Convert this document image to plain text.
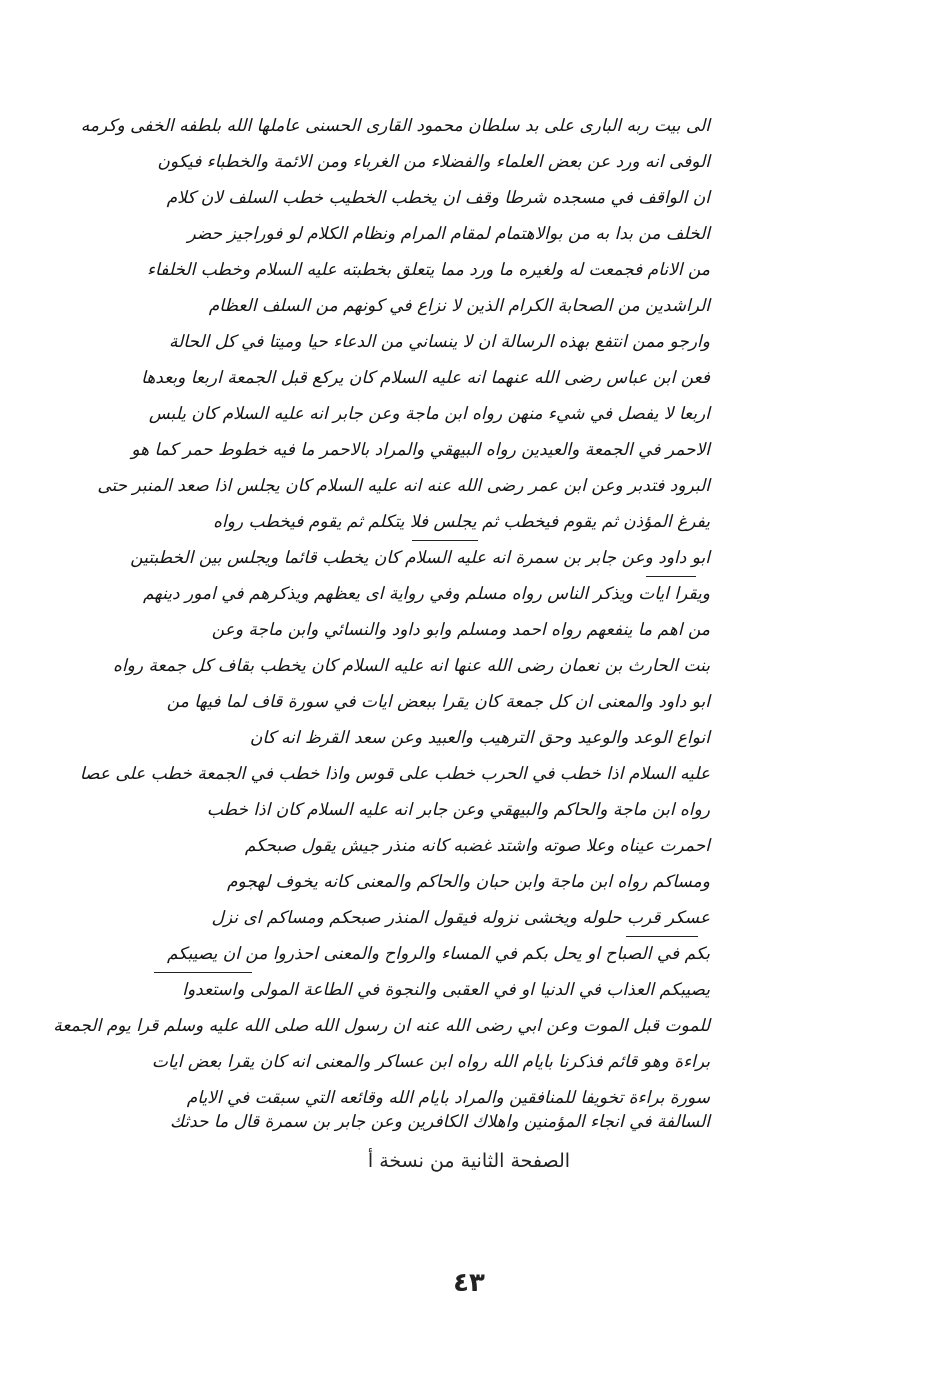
الى بيت ربه البارى على بد سلطان محمود القارى الحسنى عاملها الله بلطفه الخفى وكرمه
الوفى انه ورد عن بعض العلماء والفضلاء من الغرباء ومن الائمة والخطباء فيكون
ان الواقف في مسجده شرطا وقف ان يخطب الخطيب خطب السلف لان كلام
الخلف من بدا به من بوالاهتمام لمقام المرام ونظام الكلام لو فوراجيز حضر
من الانام فجمعت له ولغيره ما ورد مما يتعلق بخطبته عليه السلام وخطب الخلفاء
الراشدين من الصحابة الكرام الذين لا نزاع في كونهم من السلف العظام
وارجو ممن انتفع بهذه الرسالة ان لا ينساني من الدعاء حيا وميتا في كل الحالة
فعن ابن عباس رضى الله عنهما انه عليه السلام كان يركع قبل الجمعة اربعا وبعدها
اربعا لا يفصل في شيء منهن رواه ابن ماجة وعن جابر انه عليه السلام كان يلبس
الاحمر في الجمعة والعيدين رواه البيهقي والمراد بالاحمر ما فيه خطوط حمر كما هو
البرود فتدبر وعن ابن عمر رضى الله عنه انه عليه السلام كان يجلس اذا صعد المنبر حتى
يفرغ المؤذن ثم يقوم فيخطب ثم يجلس فلا يتكلم ثم يقوم فيخطب رواه
ابو داود وعن جابر بن سمرة انه عليه السلام كان يخطب قائما ويجلس بين الخطبتين
ويقرا ايات ويذكر الناس رواه مسلم وفي رواية اى يعظهم ويذكرهم في امور دينهم
من اهم ما ينفعهم رواه احمد ومسلم وابو داود والنسائي وابن ماجة وعن
بنت الحارث بن نعمان رضى الله عنها انه عليه السلام كان يخطب بقاف كل جمعة رواه
ابو داود والمعنى ان كل جمعة كان يقرا ببعض ايات في سورة قاف لما فيها من
انواع الوعد والوعيد وحق الترهيب والعبيد وعن سعد القرظ انه كان
عليه السلام اذا خطب في الحرب خطب على قوس واذا خطب في الجمعة خطب على عصا
رواه ابن ماجة والحاكم والبيهقي وعن جابر انه عليه السلام كان اذا خطب
احمرت عيناه وعلا صوته واشتد غضبه كانه منذر جيش يقول صبحكم
ومساكم رواه ابن ماجة وابن حبان والحاكم والمعنى كانه يخوف لهجوم
عسكر قرب حلوله ويخشى نزوله فيقول المنذر صبحكم ومساكم اى نزل
بكم في الصباح او يحل بكم في المساء والرواح والمعنى احذروا من ان يصيبكم
يصيبكم العذاب في الدنيا او في العقبى والنجوة في الطاعة المولى واستعدوا
للموت قبل الموت وعن ابي رضى الله عنه ان رسول الله صلى الله عليه وسلم قرا يوم الجمعة
براءة وهو قائم فذكرنا بايام الله رواه ابن عساكر والمعنى انه كان يقرا بعض ايات
سورة براءة تخويفا للمنافقين والمراد بايام الله وقائعه التي سبقت في الايام
السالفة في انجاء المؤمنين واهلاك الكافرين وعن جابر بن سمرة قال ما حدثك
الصفحة الثانية من نسخة أ
٤٣
